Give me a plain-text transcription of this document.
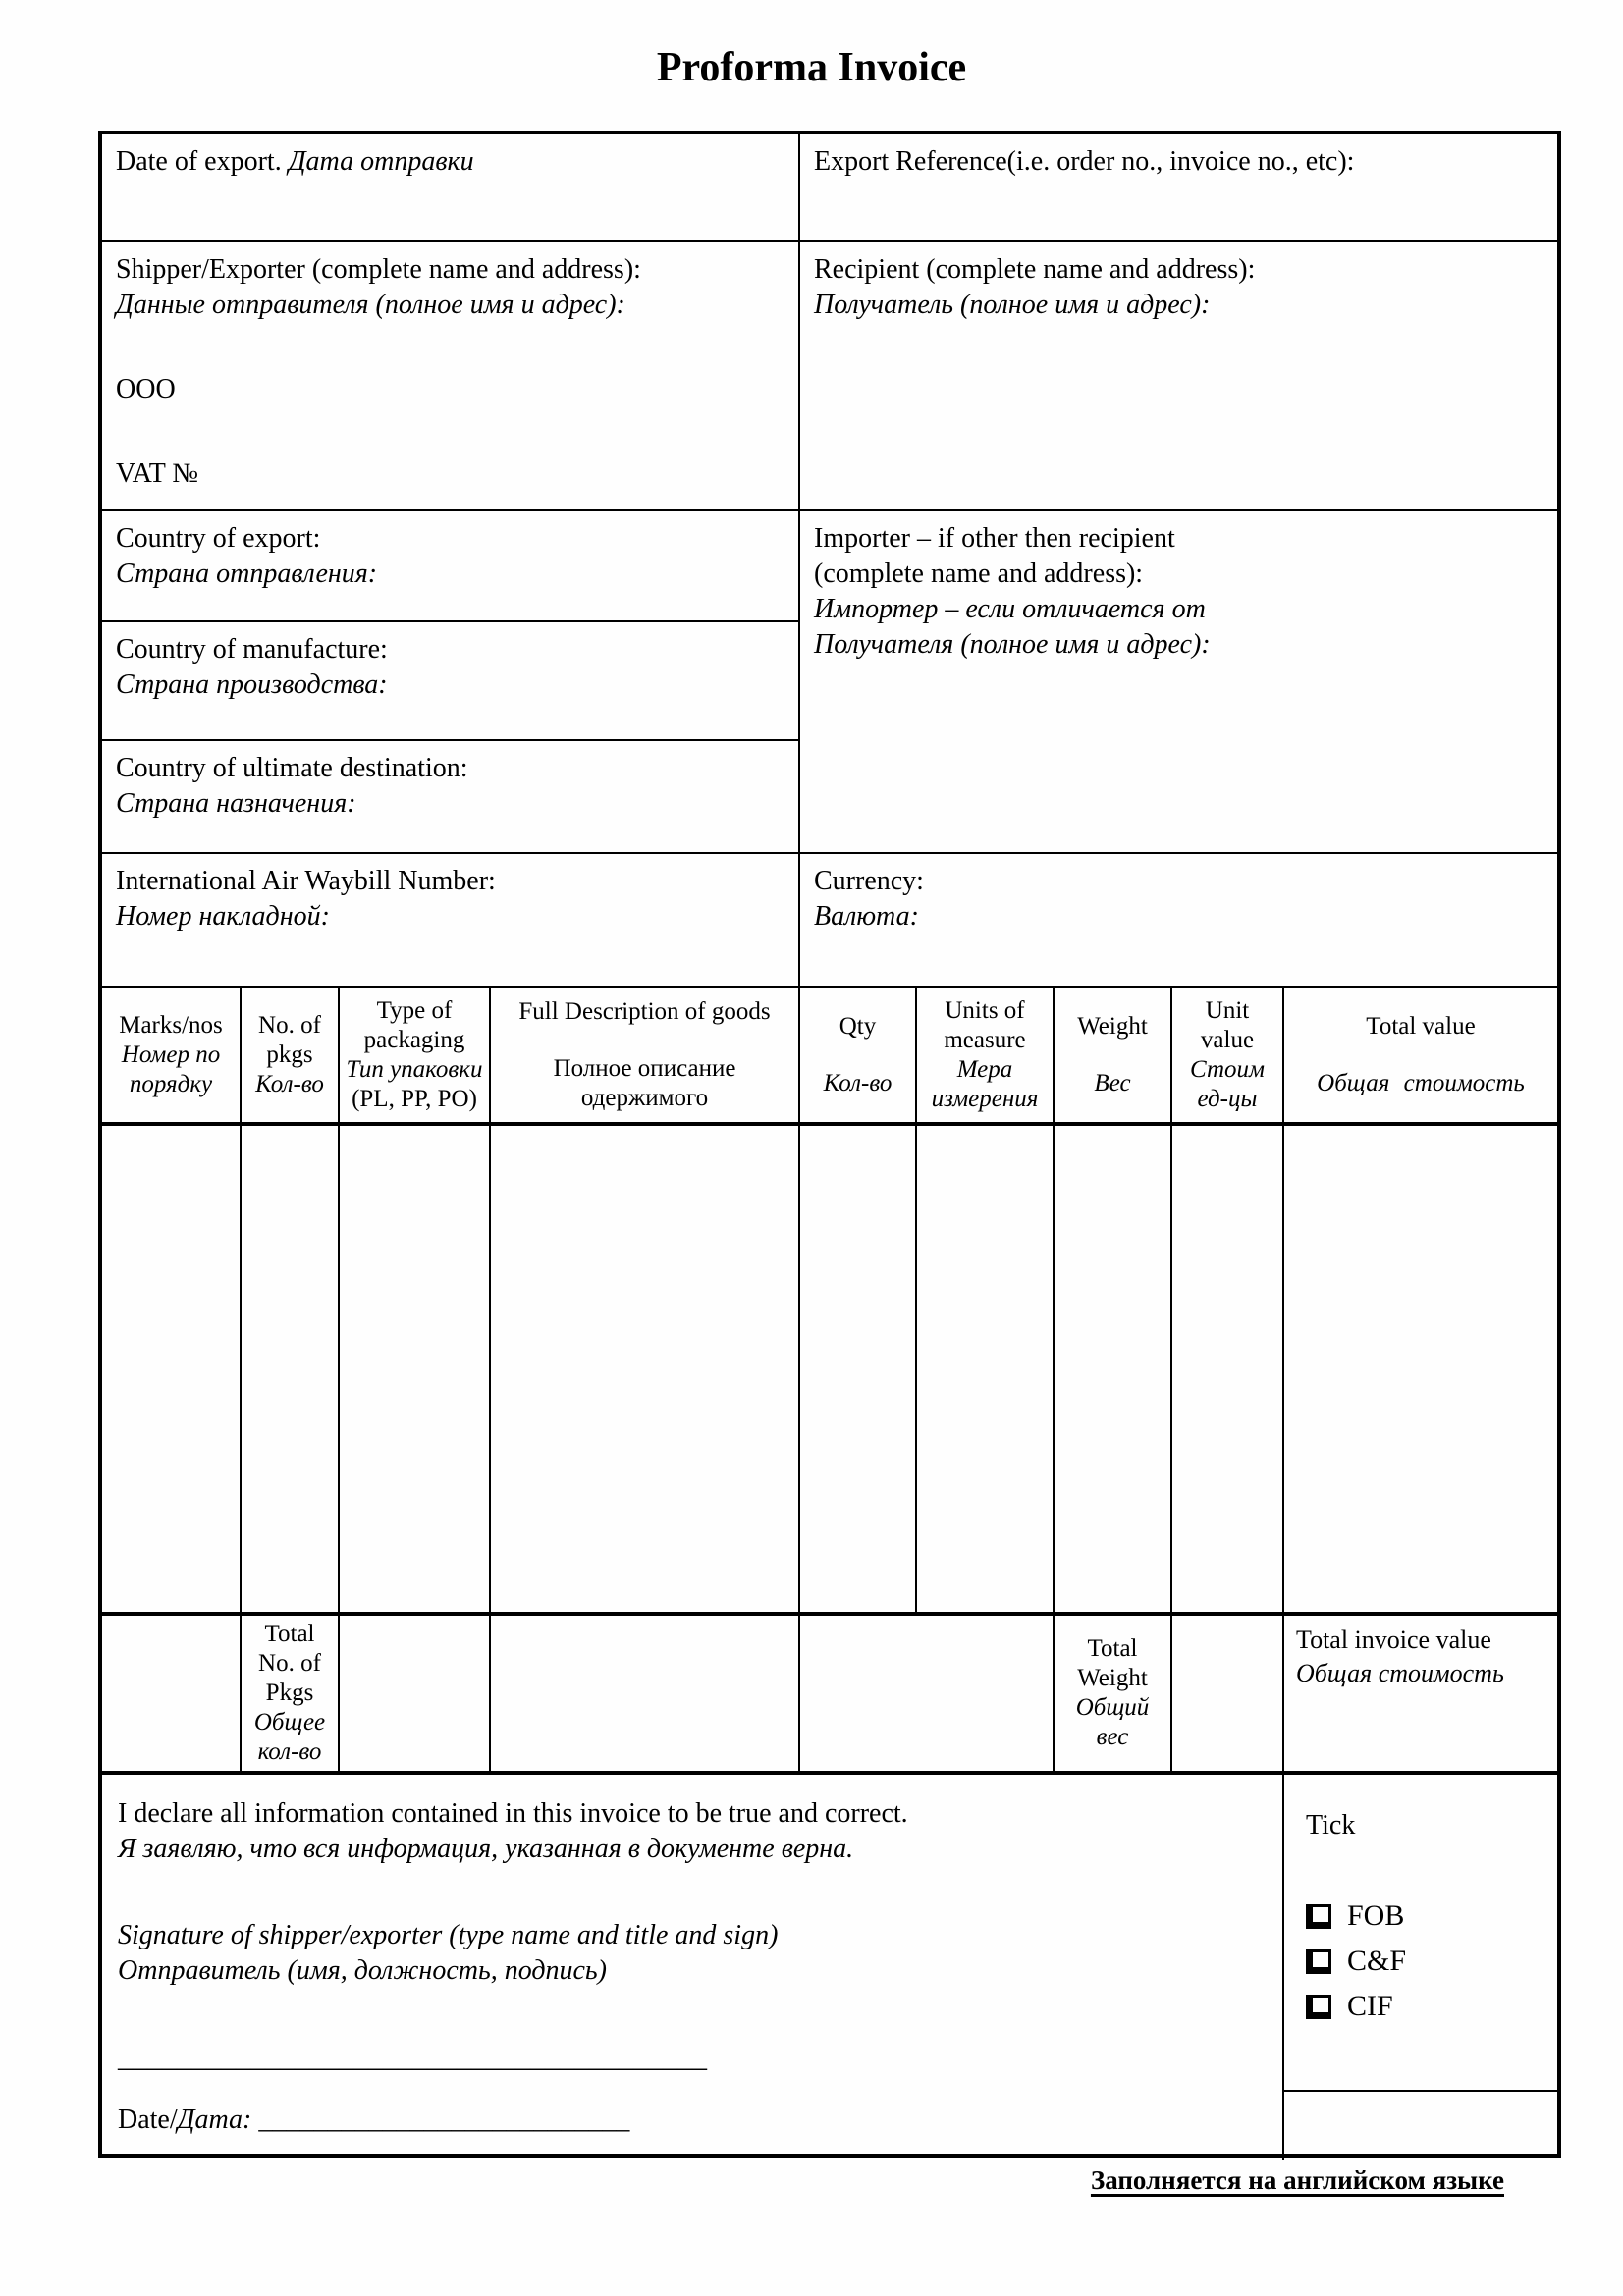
Proforma Invoice
Date of export. Дата отправки	Export Reference(i.e. order no., invoice no., etc):
Shipper/Exporter (complete name and address):
Данные отправителя (полное имя и адрес):
OOO
VAT №
Recipient (complete name and address):
Получатель (полное имя и адрес):
Country of export:
Страна отправления:
Country of manufacture:
Страна производства:
Country of ultimate destination:
Страна назначения:
Importer – if other then recipient
(complete name and address):
Импортер – если отличается от
Получателя (полное имя и адрес):
International Air Waybill Number:
Номер накладной:
Currency:
Валюта:
Marks/nos
Номер по
порядку
No. of
pkgs
Кол-во
Type of
packaging
Тип упаковки
(PL, PP, PO)
Full Description of goods
Полное описание
одержимого
Qty
Кол-во
Units of
measure
Мера
измерения
Weight
Вес
Unit
value
Стоим
ед-цы
Total value
Общая стоимость
Total
No. of
Pkgs
Общее
кол-во
Total
Weight
Общий
вес
Total invoice value
Общая стоимость
I declare all information contained in this invoice to be true and correct.
Я заявляю, что вся информация, указанная в документе верна.
Signature of shipper/exporter (type name and title and sign)
Отправитель (имя, должность, подпись)
________________________________________
Date/Дата: ___________________________
Tick
FOB
C&F
CIF
Заполняется на английском языке
